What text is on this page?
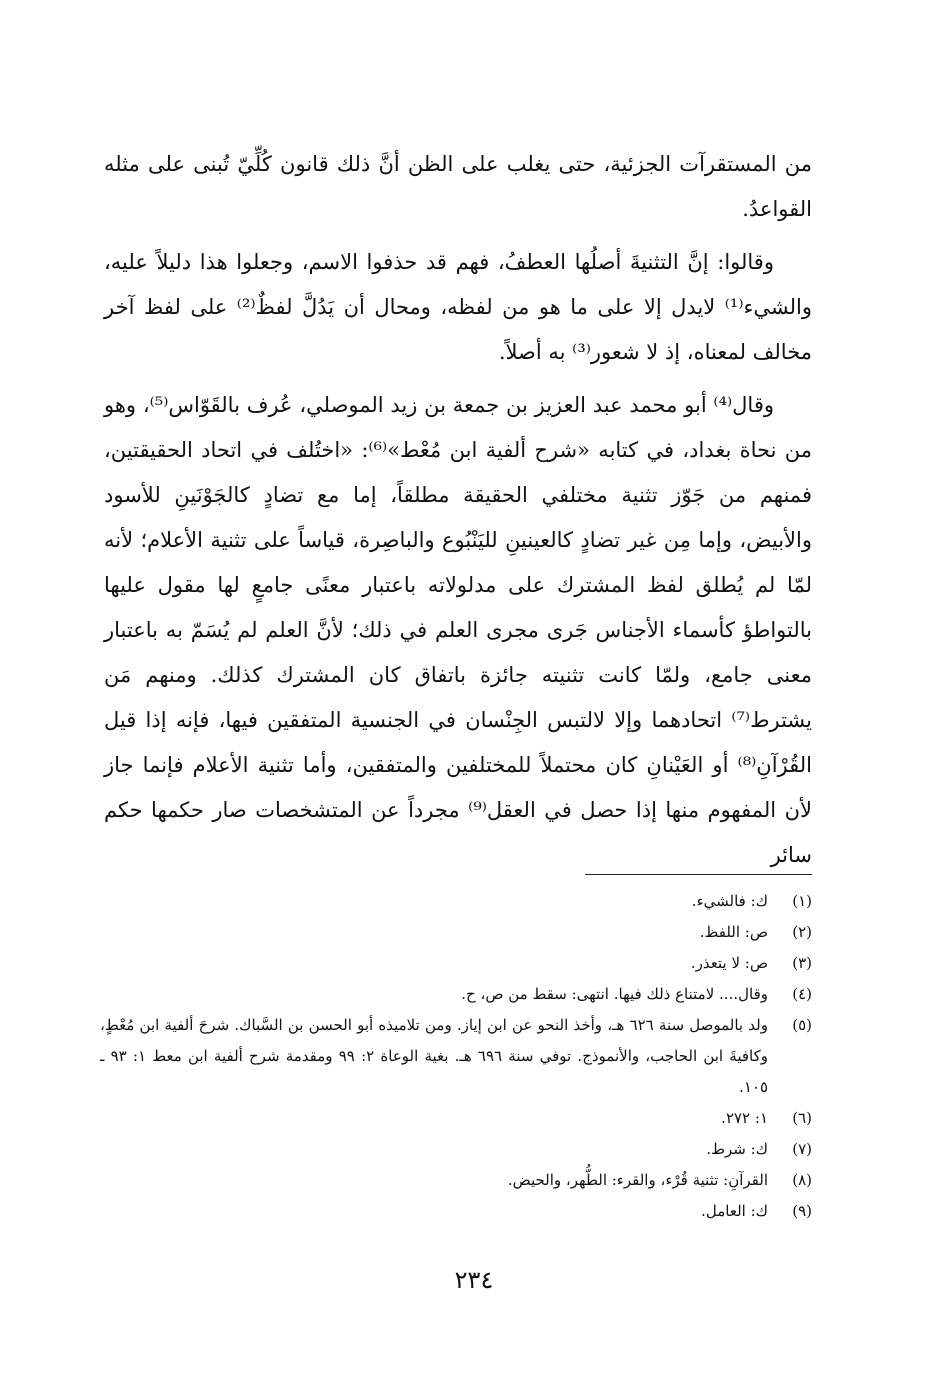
من المستقرآت الجزئية، حتى يغلب على الظن أنَّ ذلك قانون كُلِّيّ تُبنى على مثله القواعدُ.

وقالوا: إنَّ التثنيةَ أصلُها العطفُ، فهم قد حذفوا الاسم، وجعلوا هذا دليلاً عليه، والشيء⁽¹⁾ لايدل إلا على ما هو من لفظه، ومحال أن يَدُلَّ لفظٌ⁽²⁾ على لفظ آخر مخالف لمعناه، إذ لا شعور⁽³⁾ به أصلاً.

وقال⁽⁴⁾ أبو محمد عبد العزيز بن جمعة بن زيد الموصلي، عُرف بالقَوّاس⁽⁵⁾، وهو من نحاة بغداد، في كتابه «شرح ألفية ابن مُعْط»⁽⁶⁾: «اختُلف في اتحاد الحقيقتين، فمنهم من جَوّز تثنية مختلفي الحقيقة مطلقاً، إما مع تضادٍ كالجَوْنَينِ للأسود والأبيض، وإما مِن غير تضادٍ كالعينينِ لليَنْبُوع والباصِرة، قياساً على تثنية الأعلام؛ لأنه لمّا لم يُطلق لفظ المشترك على مدلولاته باعتبار معنًى جامعٍ لها مقول عليها بالتواطؤ كأسماء الأجناس جَرى مجرى العلم في ذلك؛ لأنَّ العلم لم يُسَمّ به باعتبار معنى جامع، ولمّا كانت تثنيته جائزة باتفاق كان المشترك كذلك. ومنهم مَن يشترط⁽⁷⁾ اتحادهما وإلا لالتبس الجِنْسان في الجنسية المتفقين فيها، فإنه إذا قيل القُرْآنِ⁽⁸⁾ أو العَيْنانِ كان محتملاً للمختلفين والمتفقين، وأما تثنية الأعلام فإنما جاز لأن المفهوم منها إذا حصل في العقل⁽⁹⁾ مجرداً عن المتشخصات صار حكمها حكم سائر

(١)
ك: فالشيء.
(٢)
ص: اللفظ.
(٣)
ص: لا يتعذر.
(٤)
وقال.... لامتناع ذلك فيها. انتهى: سقط من ص، ح.
(٥)
ولد بالموصل سنة ٦٢٦ هـ، وأخذ النحو عن ابن إياز. ومن تلاميذه أبو الحسن بن السَّباك. شرحَ ألفية ابن مُعْطٍ، وكافيةَ ابن الحاجب، والأنموذج. توفي سنة ٦٩٦ هـ. بغية الوعاة ٢: ٩٩ ومقدمة شرح ألفية ابن معط ١: ٩٣ ـ ١٠٥.
(٦)
١: ٢٧٢.
(٧)
ك: شرط.
(٨)
القرآنِ: تثنية قُرْء، والقرء: الطُّهر، والحيض.
(٩)
ك: العامل.
٢٣٤
